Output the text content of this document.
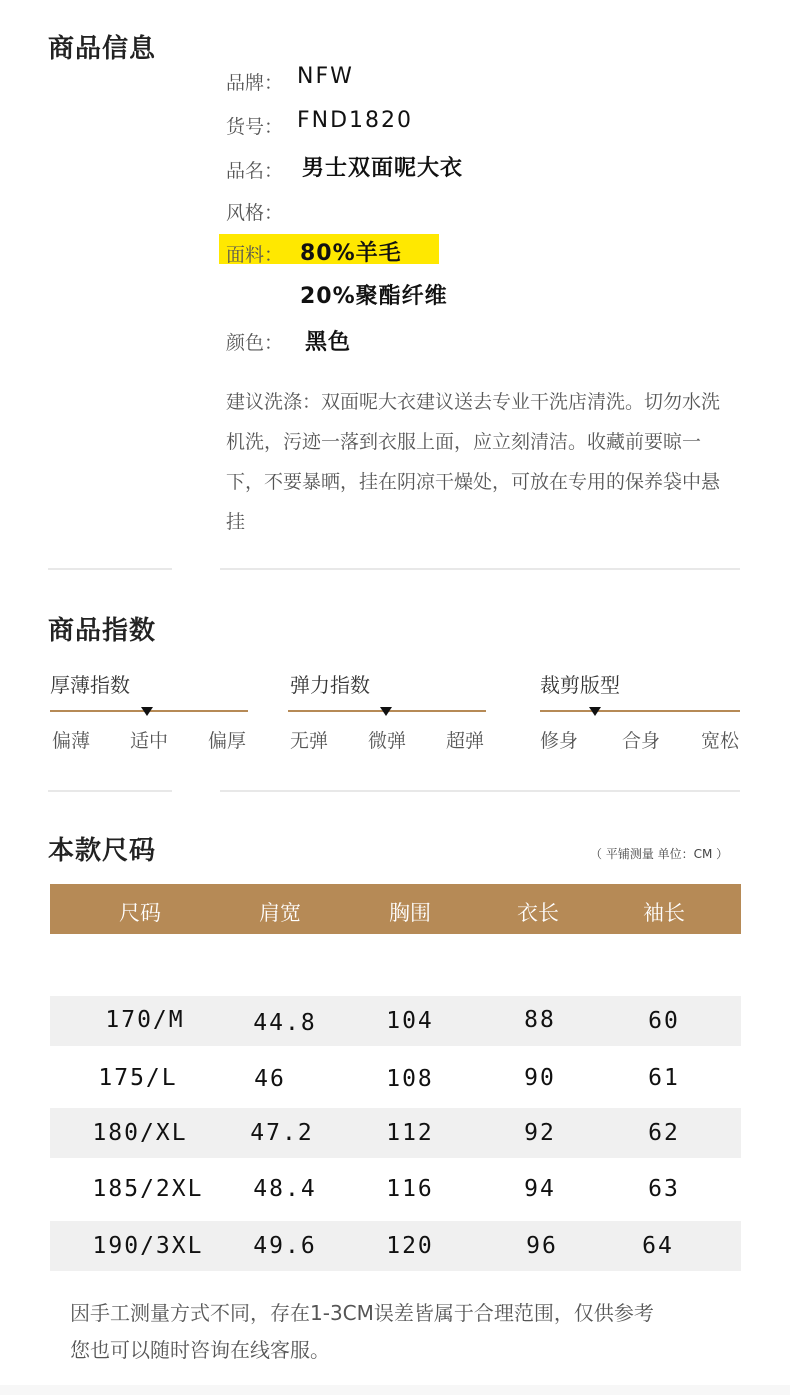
商品信息
品牌： NFW
货号： FND1820
品名： 男士双面呢大衣
风格：
面料： 80%羊毛
20%聚酯纤维
颜色： 黑色
建议洗涤：双面呢大衣建议送去专业干洗店清洗。切勿水洗机洗，污迹一落到衣服上面，应立刻清洁。收藏前要晾一下，不要暴晒，挂在阴凉干燥处，可放在专用的保养袋中悬挂
商品指数
厚薄指数
偏薄 适中 偏厚
弹力指数
无弹 微弹 超弹
裁剪版型
修身 合身 宽松
本款尺码	（ 平铺测量 单位：CM ）
尺码	肩宽	胸围	衣长	袖长
170/M	44.8	104	88	60
175/L	46	108	90	61
180/XL	47.2	112	92	62
185/2XL	48.4	116	94	63
190/3XL	49.6	120	96	64
因手工测量方式不同，存在1-3CM误差皆属于合理范围，仅供参考
您也可以随时咨询在线客服。
